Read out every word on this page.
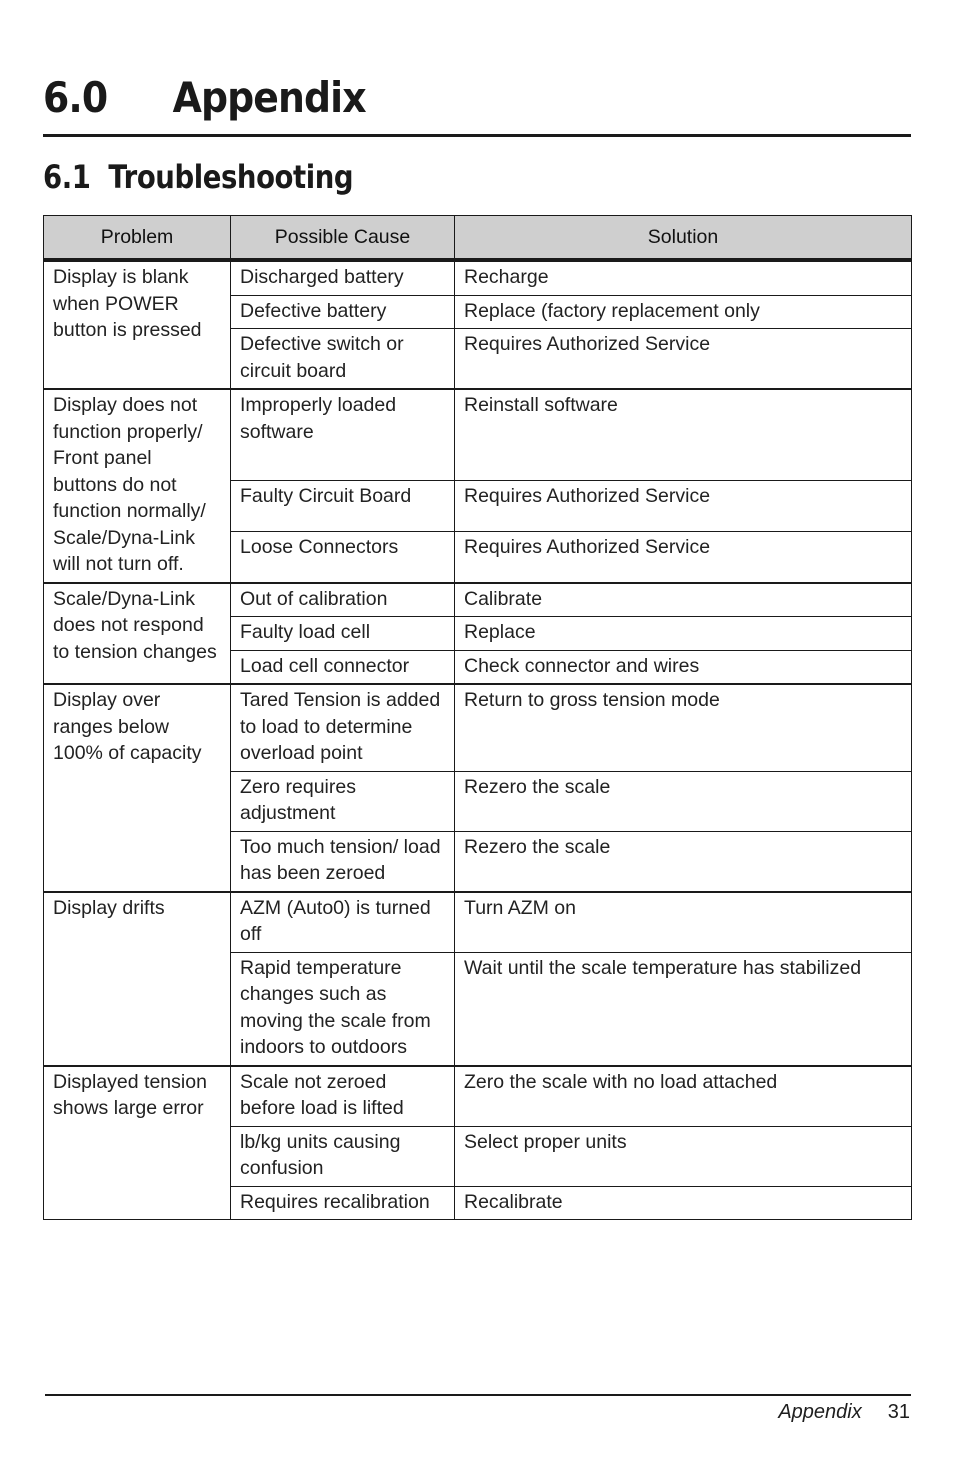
6.0 Appendix
6.1 Troubleshooting
Problem	Possible Cause	Solution
Display is blank when POWER button is pressed	Discharged battery	Recharge
	Defective battery	Replace (factory replacement only
	Defective switch or circuit board	Requires Authorized Service
Display does not function properly/ Front panel buttons do not function normally/ Scale/Dyna-Link will not turn off.	Improperly loaded software	Reinstall software
	Faulty Circuit Board	Requires Authorized Service
	Loose Connectors	Requires Authorized Service
Scale/Dyna-Link does not respond to tension changes	Out of calibration	Calibrate
	Faulty load cell	Replace
	Load cell connector	Check connector and wires
Display over ranges below 100% of capacity	Tared Tension is added to load to determine overload point	Return to gross tension mode
	Zero requires adjustment	Rezero the scale
	Too much tension/ load has been zeroed	Rezero the scale
Display drifts	AZM (Auto0) is turned off	Turn AZM on
	Rapid temperature changes such as moving the scale from indoors to outdoors	Wait until the scale temperature has stabilized
Displayed tension shows large error	Scale not zeroed before load is lifted	Zero the scale with no load attached
	lb/kg units causing confusion	Select proper units
	Requires recalibration	Recalibrate
Appendix 31
